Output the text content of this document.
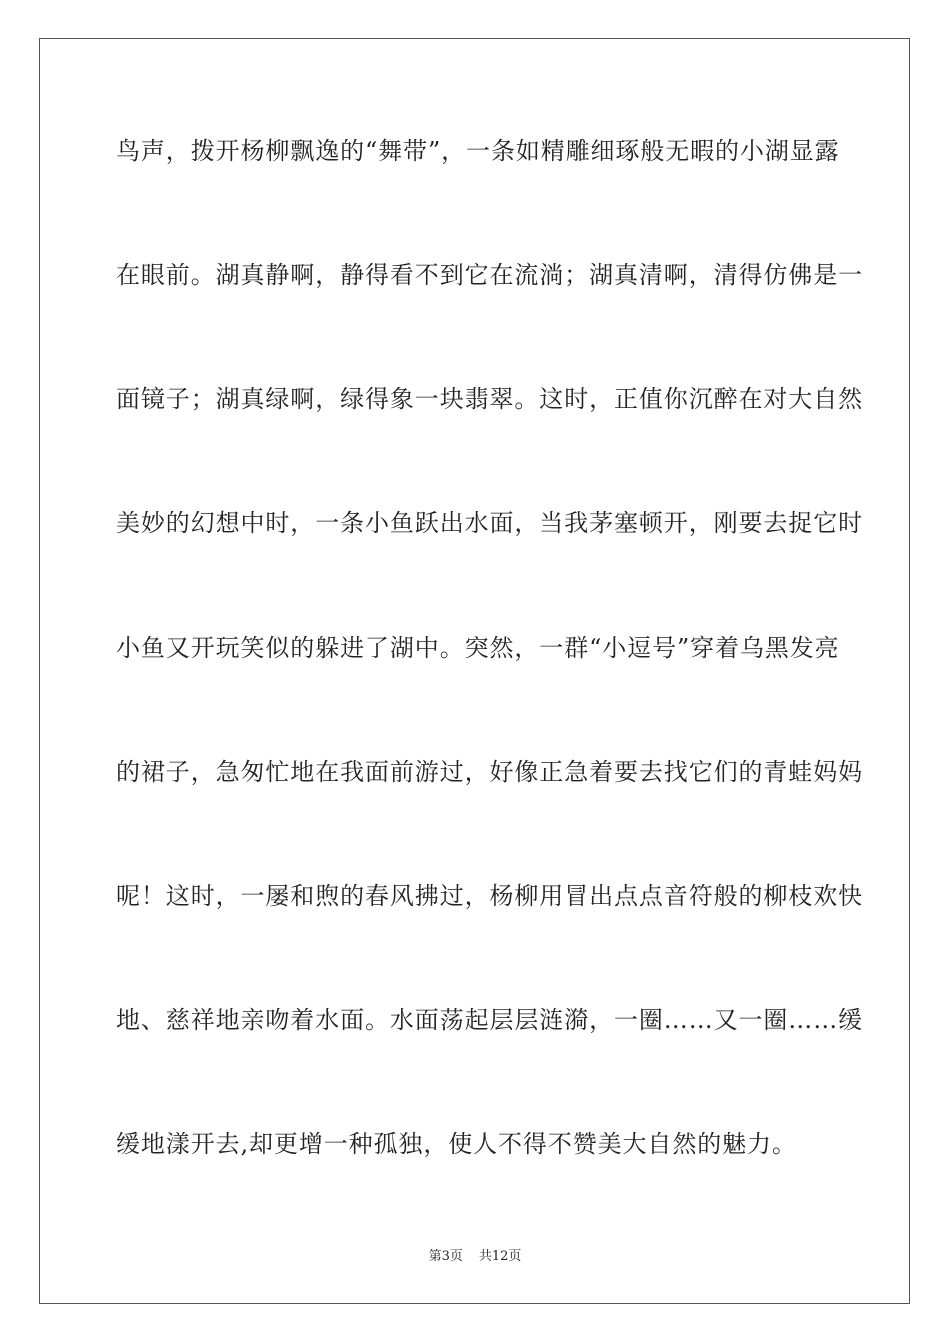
鸟声，拨开杨柳飘逸的“舞带”，一条如精雕细琢般无暇的小湖显露
在眼前。湖真静啊，静得看不到它在流淌；湖真清啊，清得仿佛是一
面镜子；湖真绿啊，绿得象一块翡翠。这时，正值你沉醉在对大自然
美妙的幻想中时，一条小鱼跃出水面，当我茅塞顿开，刚要去捉它时
小鱼又开玩笑似的躲进了湖中。突然，一群“小逗号”穿着乌黑发亮
的裙子，急匆忙地在我面前游过，好像正急着要去找它们的青蛙妈妈
呢！这时，一屡和煦的春风拂过，杨柳用冒出点点音符般的柳枝欢快
地、慈祥地亲吻着水面。水面荡起层层涟漪，一圈……又一圈……缓
缓地漾开去,却更增一种孤独，使人不得不赞美大自然的魅力。
第3页 共12页
